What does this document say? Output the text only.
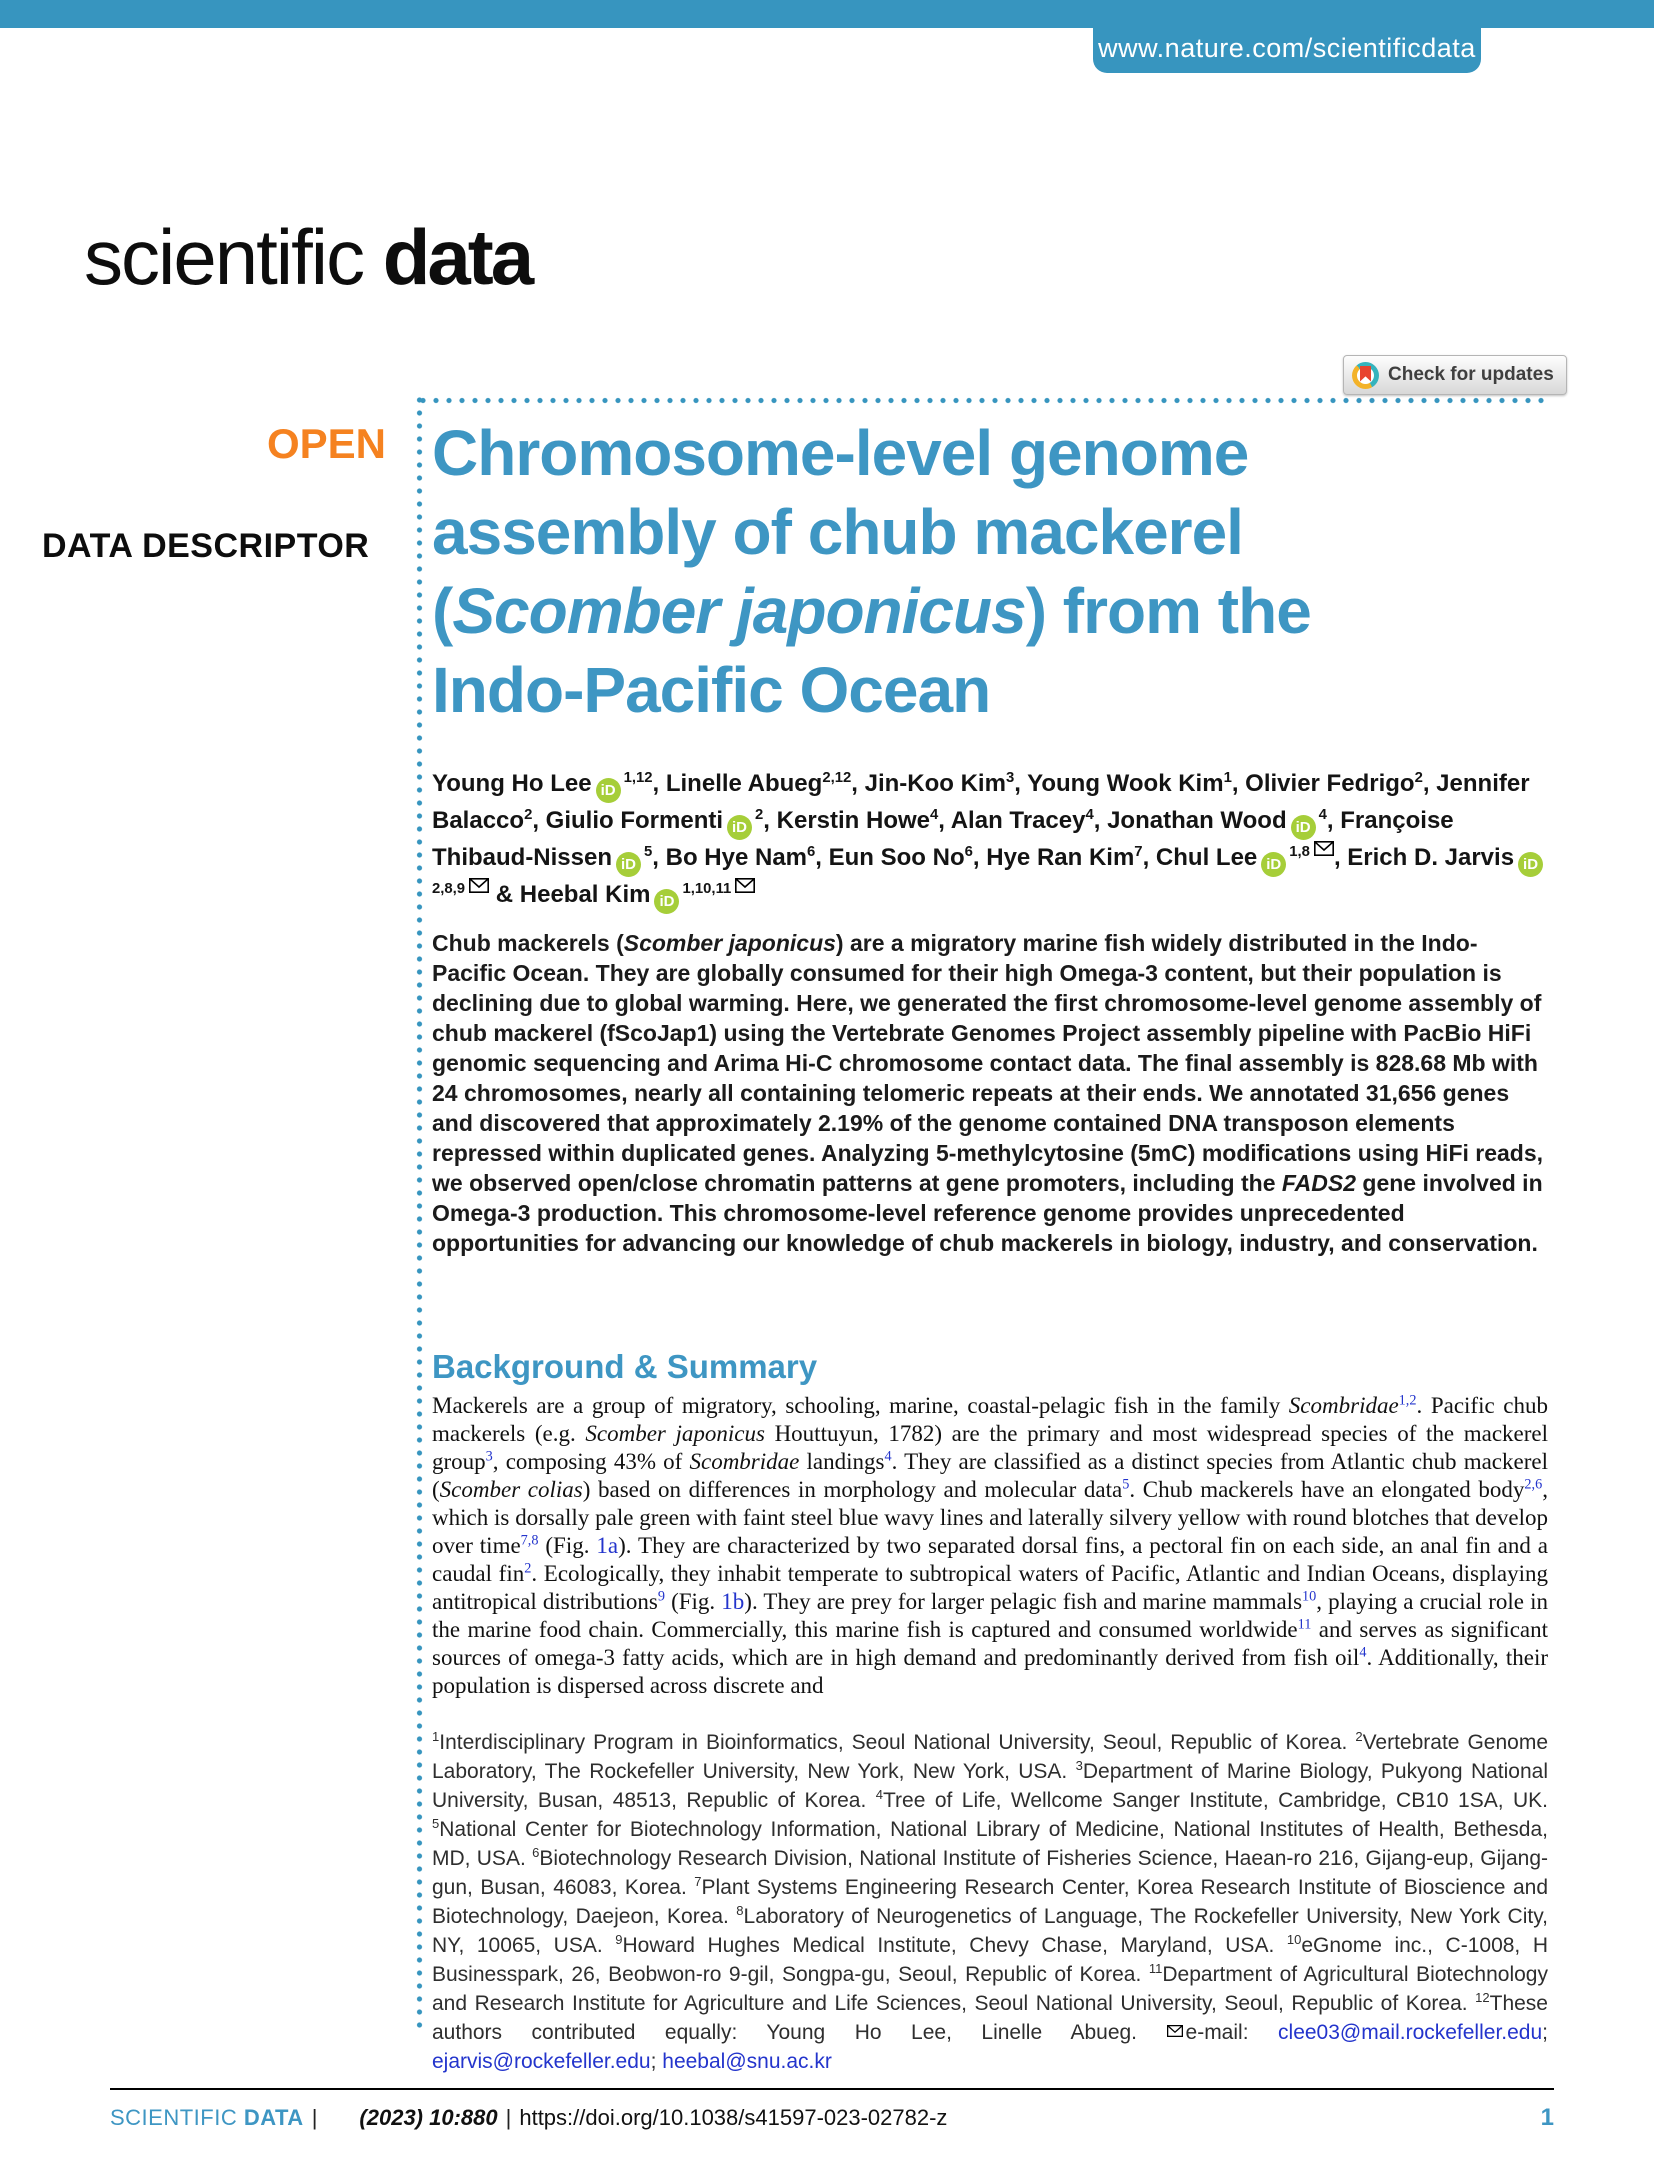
www.nature.com/scientificdata
scientific data
Check for updates
OPEN
DATA DESCRIPTOR
Chromosome-level genome
assembly of chub mackerel
(Scomber japonicus) from the
Indo-Pacific Ocean
Young Ho Lee iD$^{1,12}$, Linelle Abueg$^{2,12}$, Jin-Koo Kim$^3$, Young Wook Kim$^1$, Olivier Fedrigo$^2$, Jennifer Balacco$^2$, Giulio Formenti $iD^2$, Kerstin Howe$^4$, Alan Tracey$^4$, Jonathan Wood $iD^4$, Françoise Thibaud-Nissen $iD^5$, Bo Hye Nam$^6$, Eun Soo No$^6$, Hye Ran Kim$^7$, Chul Lee iD$^{1,8}$ , Erich D. Jarvis iD$^{2,8,9}$ & Heebal Kim iD$^{1,10,11}$
Chub mackerels (Scomber japonicus) are a migratory marine fish widely distributed in the Indo-Pacific Ocean. They are globally consumed for their high Omega-3 content, but their population is declining due to global warming. Here, we generated the first chromosome-level genome assembly of chub mackerel (fScoJap1) using the Vertebrate Genomes Project assembly pipeline with PacBio HiFi genomic sequencing and Arima Hi-C chromosome contact data. The final assembly is 828.68 Mb with 24 chromosomes, nearly all containing telomeric repeats at their ends. We annotated 31,656 genes and discovered that approximately 2.19% of the genome contained DNA transposon elements repressed within duplicated genes. Analyzing 5-methylcytosine (5mC) modifications using HiFi reads, we observed open/close chromatin patterns at gene promoters, including the FADS2 gene involved in Omega-3 production. This chromosome-level reference genome provides unprecedented opportunities for advancing our knowledge of chub mackerels in biology, industry, and conservation.
Background & Summary
Mackerels are a group of migratory, schooling, marine, coastal-pelagic fish in the family Scombridae$^{1,2}$. Pacific chub mackerels (e.g. Scomber japonicus Houttuyun, 1782) are the primary and most widespread species of the mackerel group$^3$, composing 43% of Scombridae landings$^4$. They are classified as a distinct species from Atlantic chub mackerel (Scomber colias) based on differences in morphology and molecular data$^5$. Chub mackerels have an elongated body$^{2,6}$, which is dorsally pale green with faint steel blue wavy lines and laterally silvery yellow with round blotches that develop over time$^{7,8}$ (Fig. 1a). They are characterized by two separated dorsal fins, a pectoral fin on each side, an anal fin and a caudal fin$^2$. Ecologically, they inhabit temperate to subtropical waters of Pacific, Atlantic and Indian Oceans, displaying antitropical distributions$^9$ (Fig. 1b). They are prey for larger pelagic fish and marine mammals$^{10}$, playing a crucial role in the marine food chain. Commercially, this marine fish is captured and consumed worldwide$^{11}$ and serves as significant sources of omega-3 fatty acids, which are in high demand and predominantly derived from fish oil$^4$. Additionally, their population is dispersed across discrete and
$^1$Interdisciplinary Program in Bioinformatics, Seoul National University, Seoul, Republic of Korea. $^2$Vertebrate Genome Laboratory, The Rockefeller University, New York, New York, USA. $^3$Department of Marine Biology, Pukyong National University, Busan, 48513, Republic of Korea. $^4$Tree of Life, Wellcome Sanger Institute, Cambridge, CB10 1SA, UK. $^5$National Center for Biotechnology Information, National Library of Medicine, National Institutes of Health, Bethesda, MD, USA. $^6$Biotechnology Research Division, National Institute of Fisheries Science, Haean-ro 216, Gijang-eup, Gijang-gun, Busan, 46083, Korea. $^7$Plant Systems Engineering Research Center, Korea Research Institute of Bioscience and Biotechnology, Daejeon, Korea. $^8$Laboratory of Neurogenetics of Language, The Rockefeller University, New York City, NY, 10065, USA. $^9$Howard Hughes Medical Institute, Chevy Chase, Maryland, USA. $^{10}$eGnome inc., C-1008, H Businesspark, 26, Beobwon-ro 9-gil, Songpa-gu, Seoul, Republic of Korea. $^{11}$Department of Agricultural Biotechnology and Research Institute for Agriculture and Life Sciences, Seoul National University, Seoul, Republic of Korea. $^{12}$These authors contributed equally: Young Ho Lee, Linelle Abueg. e-mail: clee03@mail.rockefeller.edu; ejarvis@rockefeller.edu; heebal@snu.ac.kr
SCIENTIFIC DATA | (2023) 10:880 | https://doi.org/10.1038/s41597-023-02782-z	1
